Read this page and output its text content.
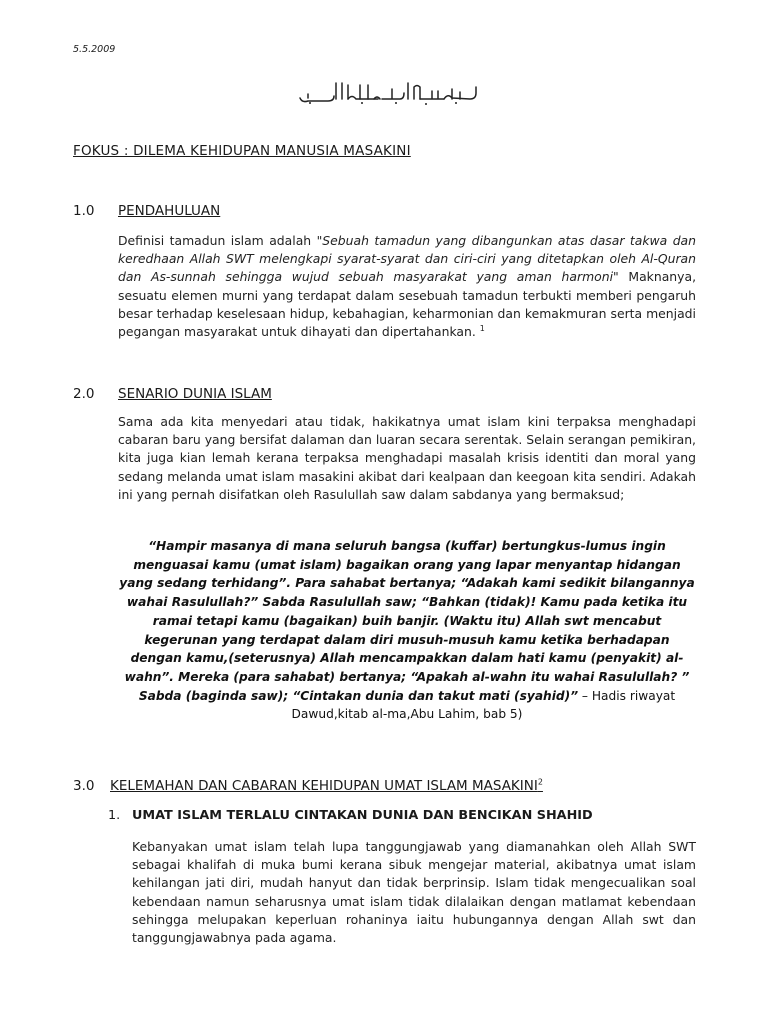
5.5.2009
FOKUS : DILEMA KEHIDUPAN MANUSIA MASAKINI
1.0 PENDAHULUAN
Definisi tamadun islam adalah "Sebuah tamadun yang dibangunkan atas dasar takwa dan keredhaan Allah SWT melengkapi syarat-syarat dan ciri-ciri yang ditetapkan oleh Al-Quran dan As-sunnah sehingga wujud sebuah masyarakat yang aman harmoni" Maknanya, sesuatu elemen murni yang terdapat dalam sesebuah tamadun terbukti memberi pengaruh besar terhadap keselesaan hidup, kebahagian, keharmonian dan kemakmuran serta menjadi pegangan masyarakat untuk dihayati dan dipertahankan. $^1$
2.0 SENARIO DUNIA ISLAM
Sama ada kita menyedari atau tidak, hakikatnya umat islam kini terpaksa menghadapi cabaran baru yang bersifat dalaman dan luaran secara serentak. Selain serangan pemikiran, kita juga kian lemah kerana terpaksa menghadapi masalah krisis identiti dan moral yang sedang melanda umat islam masakini akibat dari kealpaan dan keegoan kita sendiri. Adakah ini yang pernah disifatkan oleh Rasulullah saw dalam sabdanya yang bermaksud;
“Hampir masanya di mana seluruh bangsa (kuffar) bertungkus-lumus ingin menguasai kamu (umat islam) bagaikan orang yang lapar menyantap hidangan yang sedang terhidang”. Para sahabat bertanya; “Adakah kami sedikit bilangannya wahai Rasulullah?” Sabda Rasulullah saw; “Bahkan (tidak)! Kamu pada ketika itu ramai tetapi kamu (bagaikan) buih banjir. (Waktu itu) Allah swt mencabut kegerunan yang terdapat dalam diri musuh-musuh kamu ketika berhadapan dengan kamu,(seterusnya) Allah mencampakkan dalam hati kamu (penyakit) al-wahn”. Mereka (para sahabat) bertanya; “Apakah al-wahn itu wahai Rasulullah? ” Sabda (baginda saw); “Cintakan dunia dan takut mati (syahid)” – Hadis riwayat Dawud,kitab al-ma,Abu Lahim, bab 5)
3.0 KELEMAHAN DAN CABARAN KEHIDUPAN UMAT ISLAM MASAKINI$^2$
1. UMAT ISLAM TERLALU CINTAKAN DUNIA DAN BENCIKAN SHAHID
Kebanyakan umat islam telah lupa tanggungjawab yang diamanahkan oleh Allah SWT sebagai khalifah di muka bumi kerana sibuk mengejar material, akibatnya umat islam kehilangan jati diri, mudah hanyut dan tidak berprinsip. Islam tidak mengecualikan soal kebendaan namun seharusnya umat islam tidak dilalaikan dengan matlamat kebendaan sehingga melupakan keperluan rohaninya iaitu hubungannya dengan Allah swt dan tanggungjawabnya pada agama.
